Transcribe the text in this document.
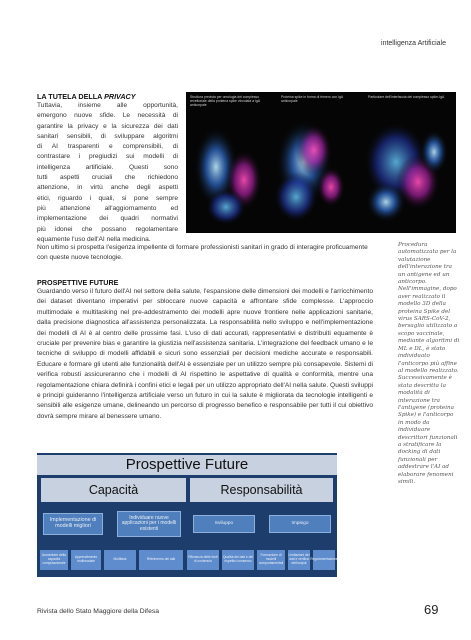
intelligenza Artificiale
LA TUTELA DELLA PRIVACY
Tuttavia, insieme alle opportunità,
emergono nuove sfide. Le necessità di
garantire la privacy e la sicurezza dei dati
sanitari sensibili, di sviluppare algoritmi
di AI trasparenti e comprensibili, di
contrastare i pregiudizi sui modelli di
intelligenza artificiale. Questi sono
tutti aspetti cruciali che richiedono
attenzione, in virtù anche degli aspetti
etici, riguardo i quali, si pone sempre
più attenzione all'aggiornamento ed
implementazione dei quadri normativi
più idonei che possano regolamentare
equamente l'uso dell'AI nella medicina.
Struttura prevista per omologia del complesso recettoriale della proteina spike vincolata a IgA anticorpale
Proteina spike in forma di trimero con IgA anticorpale
Particolare dell'interfaccia del complesso spike-IgA
Non ultimo si prospetta l'esigenza impellente di formare professionisti sanitari in grado di interagire proficuamente con queste nuove tecnologie.
Procedura automatizzata per la valutazione dell'interazione tra un antigene ed un anticorpo. Nell'immagine, dopo aver realizzato il modello 3D della proteina Spike del virus SARS-CoV-2, bersaglio utilizzato a scopo vaccinale, mediante algoritmi di ML e DL, è stato individuato l'anticorpo più affine al modello realizzato. Successivamente è stata descritta la modalità di interazione tra l'antigene (proteina Spike) e l'anticorpo in modo da individuare descrittori funzionali a stratificare la docking di dati funzionali per addestrare l'AI ad elaborare fenomeni simili.
PROSPETTIVE FUTURE
Guardando verso il futuro dell'AI nel settore della salute, l'espansione delle dimensioni dei modelli e l'arricchimento dei dataset diventano imperativi per sbloccare nuove capacità e affrontare sfide complesse. L'approccio multimodale e multitasking nel pre-addestramento dei modelli apre nuove frontiere nelle applicazioni sanitarie, dalla precisione diagnostica all'assistenza personalizzata. La responsabilità nello sviluppo e nell'implementazione dei modelli di AI è al centro delle prossime fasi. L'uso di dati accurati, rappresentativi e distribuiti equamente è cruciale per prevenire bias e garantire la giustizia nell'assistenza sanitaria. L'integrazione del feedback umano e le tecniche di sviluppo di modelli affidabili e sicuri sono essenziali per decisioni mediche accurate e responsabili. Educare e formare gli utenti alle funzionalità dell'AI è essenziale per un utilizzo sempre più consapevole. Sistemi di verifica robusti assicureranno che i modelli di AI rispettino le aspettative di qualità e conformità, mentre una regolamentazione chiara definirà i confini etici e legali per un utilizzo appropriato dell'AI nella salute. Questi sviluppi e principi guideranno l'intelligenza artificiale verso un futuro in cui la salute è migliorata da tecnologie intelligenti e sensibili alle esigenze umane, delineando un percorso di progresso benefico e responsabile per tutti il cui obiettivo dovrà sempre mirare al benessere umano.
Prospettive Future
Capacità	Responsabilità
Implementazione di modelli migliori
Individuare nuove applicazioni per i modelli esistenti
Sviluppo	Impiego
Aumentare della capacità computazionale
Apprendimento multimodale	Multitask	Riferimento dei dati	Rilevanza delle fonti di contenuto
Qualità dei dati e dei rispettivi consenso
Formazione di modelli comportamentali
Limitazioni dei dati e verifica dell'output
Regolamentazione
Rivista dello Stato Maggiore della Difesa	69
